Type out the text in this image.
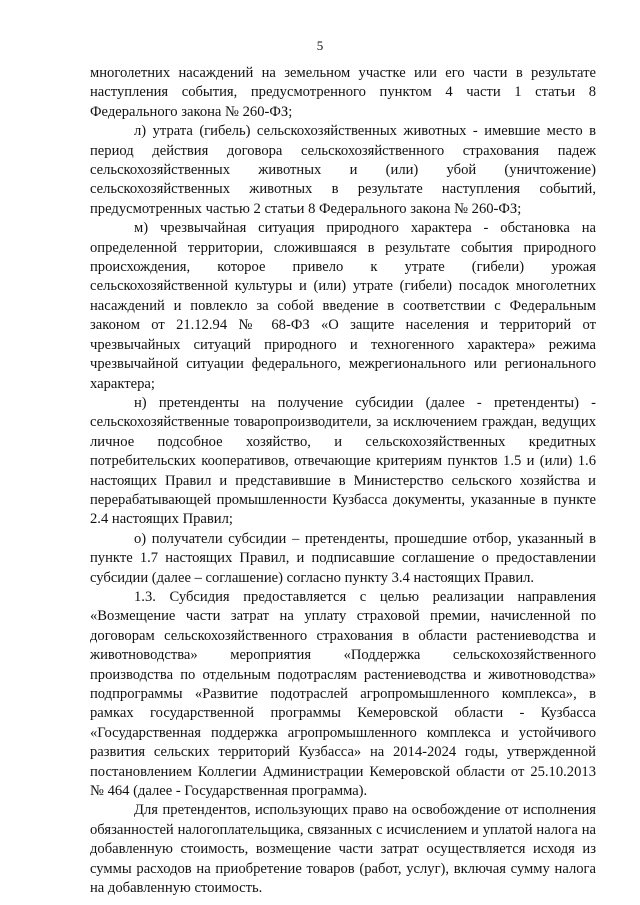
5

многолетних насаждений на земельном участке или его части в результате наступления события, предусмотренного пунктом 4 части 1 статьи 8 Федерального закона № 260-ФЗ;

л) утрата (гибель) сельскохозяйственных животных - имевшие место в период действия договора сельскохозяйственного страхования падеж сельскохозяйственных животных и (или) убой (уничтожение) сельскохозяйственных животных в результате наступления событий, предусмотренных частью 2 статьи 8 Федерального закона № 260-ФЗ;

м) чрезвычайная ситуация природного характера - обстановка на определенной территории, сложившаяся в результате события природного происхождения, которое привело к утрате (гибели) урожая сельскохозяйственной культуры и (или) утрате (гибели) посадок многолетних насаждений и повлекло за собой введение в соответствии с Федеральным законом от 21.12.94 № 68-ФЗ «О защите населения и территорий от чрезвычайных ситуаций природного и техногенного характера» режима чрезвычайной ситуации федерального, межрегионального или регионального характера;

н) претенденты на получение субсидии (далее - претенденты) - сельскохозяйственные товаропроизводители, за исключением граждан, ведущих личное подсобное хозяйство, и сельскохозяйственных кредитных потребительских кооперативов, отвечающие критериям пунктов 1.5 и (или) 1.6 настоящих Правил и представившие в Министерство сельского хозяйства и перерабатывающей промышленности Кузбасса документы, указанные в пункте 2.4 настоящих Правил;

о) получатели субсидии – претенденты, прошедшие отбор, указанный в пункте 1.7 настоящих Правил, и подписавшие соглашение о предоставлении субсидии (далее – соглашение) согласно пункту 3.4 настоящих Правил.

1.3. Субсидия предоставляется с целью реализации направления «Возмещение части затрат на уплату страховой премии, начисленной по договорам сельскохозяйственного страхования в области растениеводства и животноводства» мероприятия «Поддержка сельскохозяйственного производства по отдельным подотраслям растениеводства и животноводства» подпрограммы «Развитие подотраслей агропромышленного комплекса», в рамках государственной программы Кемеровской области - Кузбасса «Государственная поддержка агропромышленного комплекса и устойчивого развития сельских территорий Кузбасса» на 2014-2024 годы, утвержденной постановлением Коллегии Администрации Кемеровской области от 25.10.2013 № 464 (далее - Государственная программа).

Для претендентов, использующих право на освобождение от исполнения обязанностей налогоплательщика, связанных с исчислением и уплатой налога на добавленную стоимость, возмещение части затрат осуществляется исходя из суммы расходов на приобретение товаров (работ, услуг), включая сумму налога на добавленную стоимость.
